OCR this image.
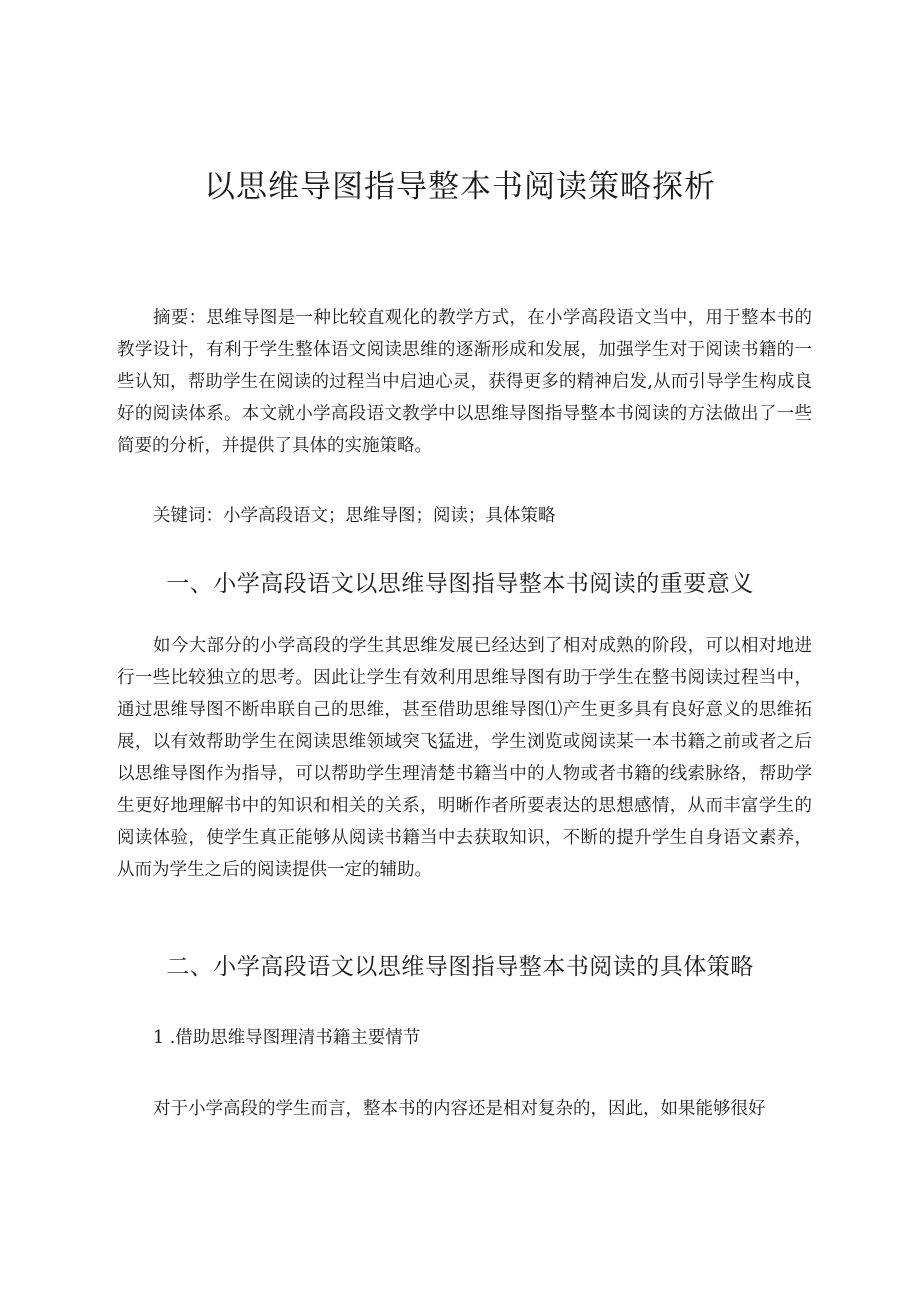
以思维导图指导整本书阅读策略探析

摘要：思维导图是一种比较直观化的教学方式，在小学高段语文当中，用于整本书的教学设计，有利于学生整体语文阅读思维的逐渐形成和发展，加强学生对于阅读书籍的一些认知，帮助学生在阅读的过程当中启迪心灵，获得更多的精神启发,从而引导学生构成良好的阅读体系。本文就小学高段语文教学中以思维导图指导整本书阅读的方法做出了一些简要的分析，并提供了具体的实施策略。

关键词：小学高段语文；思维导图；阅读；具体策略

一、小学高段语文以思维导图指导整本书阅读的重要意义

如今大部分的小学高段的学生其思维发展已经达到了相对成熟的阶段，可以相对地进行一些比较独立的思考。因此让学生有效利用思维导图有助于学生在整书阅读过程当中，通过思维导图不断串联自己的思维，甚至借助思维导图⑴产生更多具有良好意义的思维拓展，以有效帮助学生在阅读思维领域突飞猛进，学生浏览或阅读某一本书籍之前或者之后以思维导图作为指导，可以帮助学生理清楚书籍当中的人物或者书籍的线索脉络，帮助学生更好地理解书中的知识和相关的关系，明晰作者所要表达的思想感情，从而丰富学生的阅读体验，使学生真正能够从阅读书籍当中去获取知识，不断的提升学生自身语文素养，从而为学生之后的阅读提供一定的辅助。

二、小学高段语文以思维导图指导整本书阅读的具体策略
1 .借助思维导图理清书籍主要情节

对于小学高段的学生而言，整本书的内容还是相对复杂的，因此，如果能够很好
